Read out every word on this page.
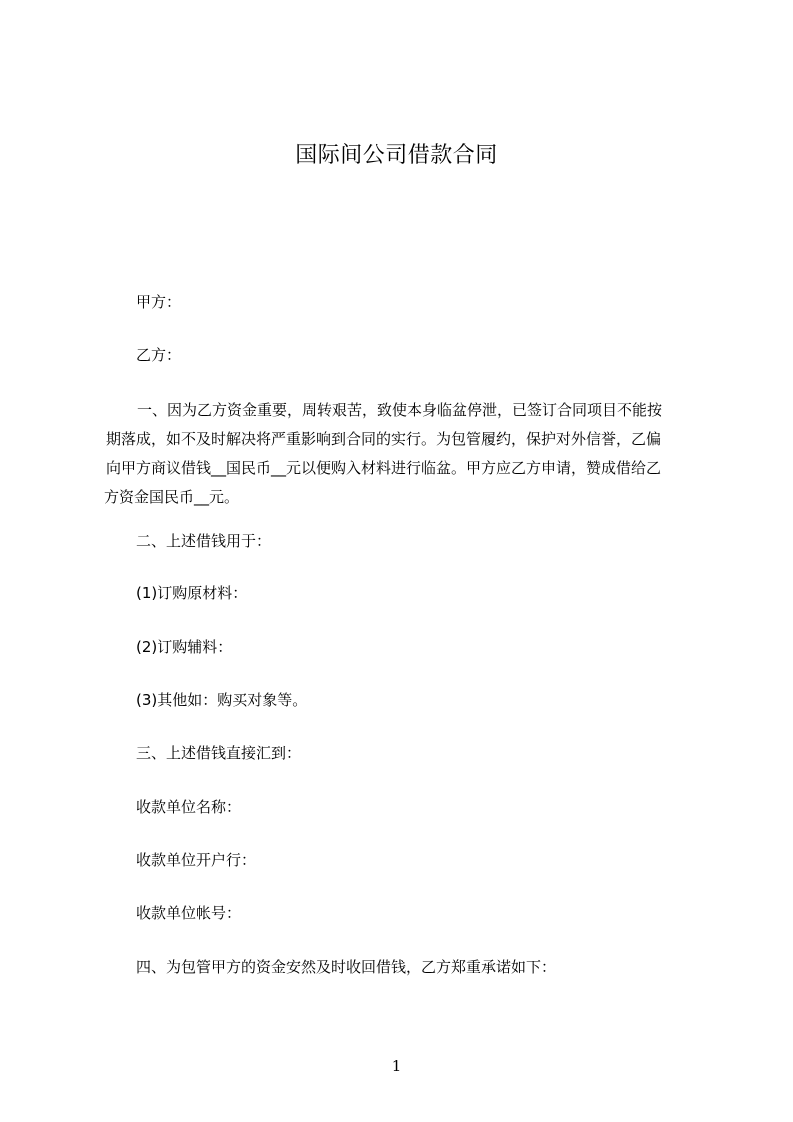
国际间公司借款合同
甲方：
乙方：
一、因为乙方资金重要，周转艰苦，致使本身临盆停泄，已签订合同项目不能按
期落成，如不及时解决将严重影响到合同的实行。为包管履约，保护对外信誉，乙偏
向甲方商议借钱__国民币__元以便购入材料进行临盆。甲方应乙方申请，赞成借给乙
方资金国民币__元。
二、上述借钱用于：
(1)订购原材料：
(2)订购辅料：
(3)其他如：购买对象等。
三、上述借钱直接汇到：
收款单位名称：
收款单位开户行：
收款单位帐号：
四、为包管甲方的资金安然及时收回借钱，乙方郑重承诺如下：
1
